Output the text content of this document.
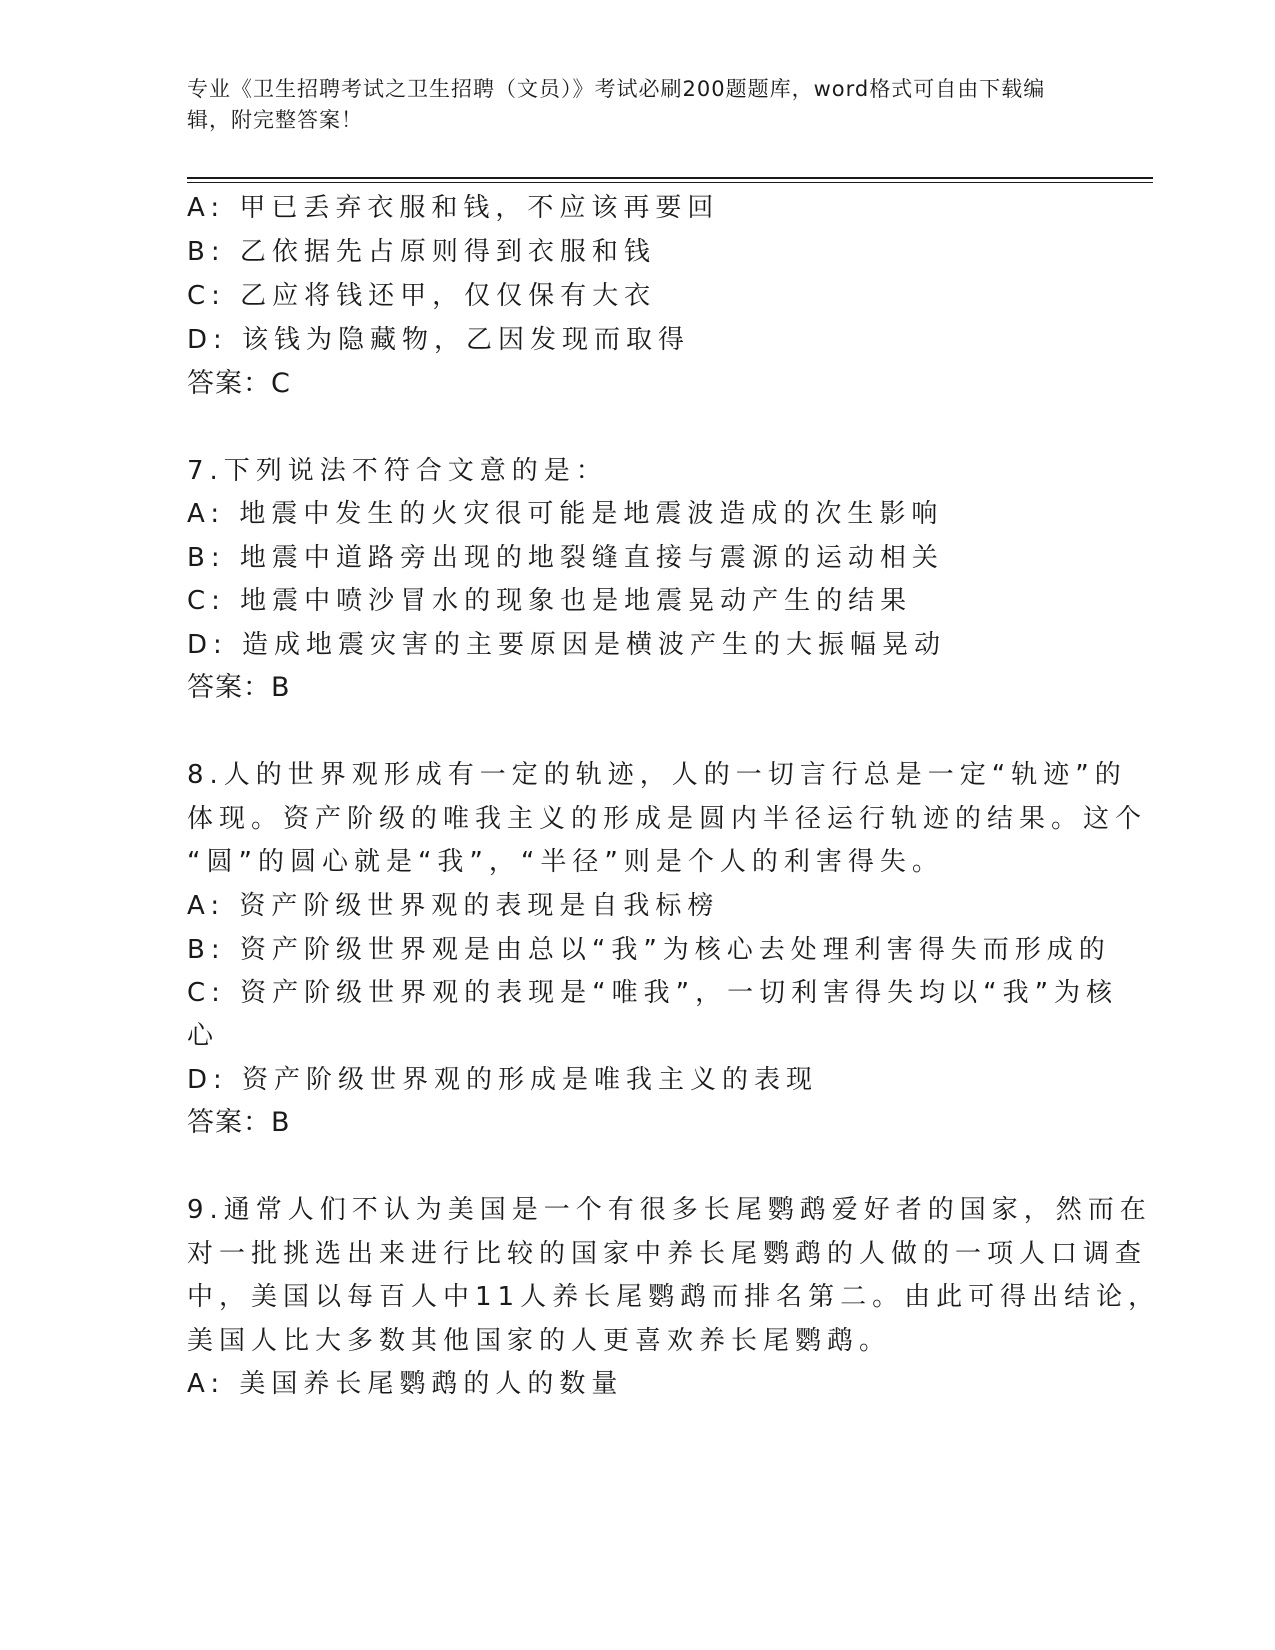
专业《卫生招聘考试之卫生招聘（文员）》考试必刷200题题库，word格式可自由下载编辑，附完整答案！
A: 甲已丢弃衣服和钱，不应该再要回
B: 乙依据先占原则得到衣服和钱
C: 乙应将钱还甲，仅仅保有大衣
D: 该钱为隐藏物，乙因发现而取得
答案：C
7.下列说法不符合文意的是：
A: 地震中发生的火灾很可能是地震波造成的次生影响
B: 地震中道路旁出现的地裂缝直接与震源的运动相关
C: 地震中喷沙冒水的现象也是地震晃动产生的结果
D: 造成地震灾害的主要原因是横波产生的大振幅晃动
答案：B
8.人的世界观形成有一定的轨迹，人的一切言行总是一定“轨迹”的
体现。资产阶级的唯我主义的形成是圆内半径运行轨迹的结果。这个
“圆”的圆心就是“我”，“半径”则是个人的利害得失。
A: 资产阶级世界观的表现是自我标榜
B: 资产阶级世界观是由总以“我”为核心去处理利害得失而形成的
C: 资产阶级世界观的表现是“唯我”，一切利害得失均以“我”为核
心
D: 资产阶级世界观的形成是唯我主义的表现
答案：B
9.通常人们不认为美国是一个有很多长尾鹦鹉爱好者的国家，然而在
对一批挑选出来进行比较的国家中养长尾鹦鹉的人做的一项人口调查
中，美国以每百人中11人养长尾鹦鹉而排名第二。由此可得出结论，
美国人比大多数其他国家的人更喜欢养长尾鹦鹉。
A: 美国养长尾鹦鹉的人的数量
